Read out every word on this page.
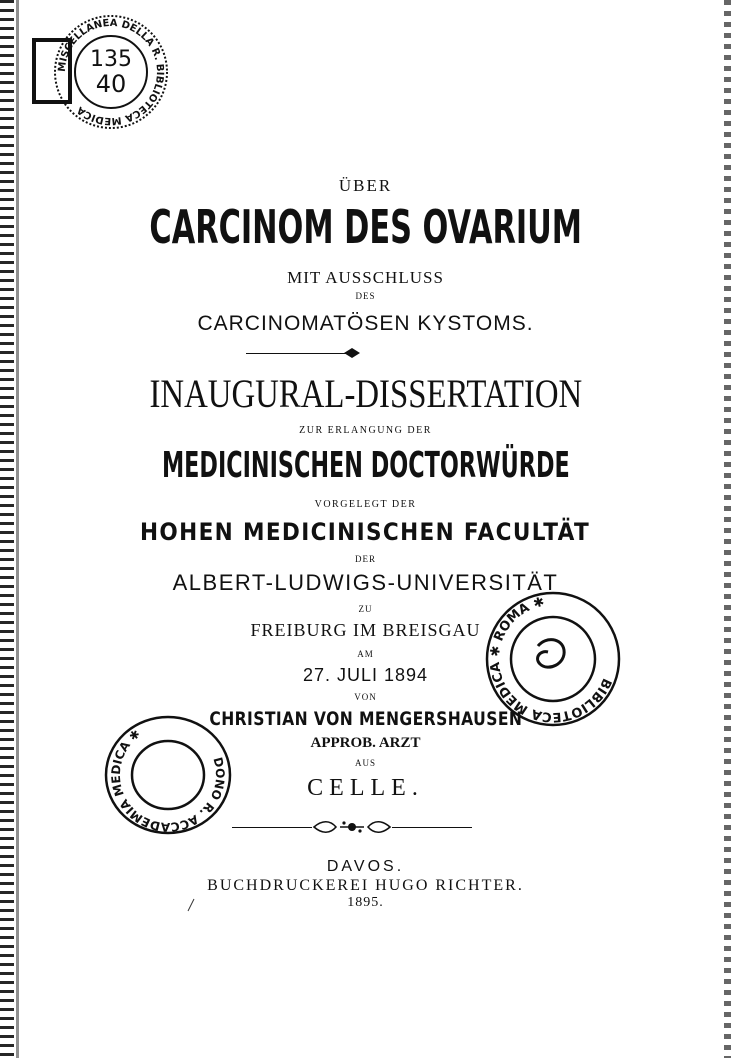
MISCELLANEA DELLA R. BIBLIOTECA MEDICA
135
40
ÜBER
CARCINOM DES OVARIUM
MIT AUSSCHLUSS
DES
CARCINOMATÖSEN KYSTOMS.
INAUGURAL-DISSERTATION
ZUR ERLANGUNG DER
MEDICINISCHEN DOCTORWÜRDE
VORGELEGT DER
HOHEN MEDICINISCHEN FACULTÄT
DER
ALBERT-LUDWIGS-UNIVERSITÄT
ZU
FREIBURG IM BREISGAU
AM
27. JULI 1894
VON
CHRISTIAN VON MENGERSHAUSEN
APPROB. ARZT
AUS
CELLE.
DAVOS.
BUCHDRUCKEREI HUGO RICHTER.
1895.
BIBLIOTECA MEDICA ✱ ROMA ✱
DONO R. ACCADEMIA MEDICA ✱
